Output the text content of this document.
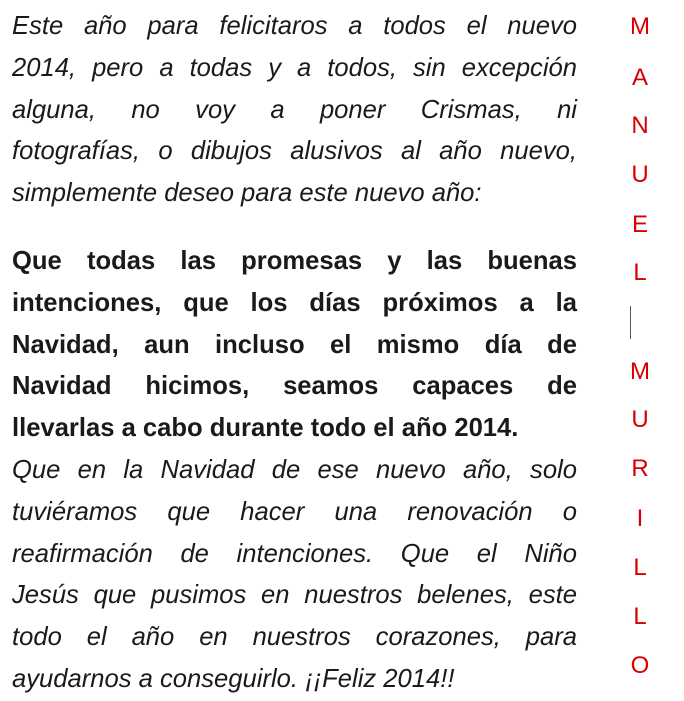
Este año para felicitaros a todos el nuevo
2014, pero a todas y a todos, sin excepción
alguna, no voy a poner Crismas, ni
fotografías, o dibujos alusivos al año nuevo,
simplemente deseo para este nuevo año:
Que todas las promesas y las buenas
intenciones, que los días próximos a la
Navidad, aun incluso el mismo día de
Navidad hicimos, seamos capaces de
llevarlas a cabo durante todo el año 2014.
Que en la Navidad de ese nuevo año, solo
tuviéramos que hacer una renovación o
reafirmación de intenciones. Que el Niño
Jesús que pusimos en nuestros belenes, este
todo el año en nuestros corazones, para
ayudarnos a conseguirlo. ¡¡Feliz 2014!!
M
A
N
U
E
L
M
U
R
I
L
L
O
